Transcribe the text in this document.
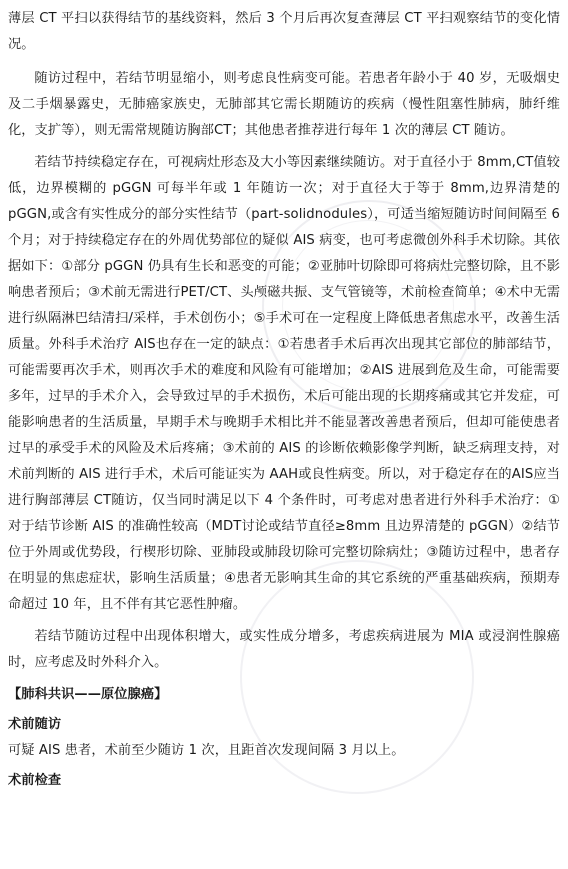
薄层 CT 平扫以获得结节的基线资料，然后 3 个月后再次复查薄层 CT 平扫观察结节的变化情况。

随访过程中，若结节明显缩小，则考虑良性病变可能。若患者年龄小于 40 岁，无吸烟史及二手烟暴露史，无肺癌家族史，无肺部其它需长期随访的疾病（慢性阻塞性肺病，肺纤维化，支扩等），则无需常规随访胸部CT；其他患者推荐进行每年 1 次的薄层 CT 随访。

若结节持续稳定存在，可视病灶形态及大小等因素继续随访。对于直径小于 8mm,CT值较低，边界模糊的 pGGN 可每半年或 1 年随访一次；对于直径大于等于 8mm,边界清楚的pGGN,或含有实性成分的部分实性结节（part-solidnodules），可适当缩短随访时间间隔至 6 个月；对于持续稳定存在的外周优势部位的疑似 AIS 病变，也可考虑微创外科手术切除。其依据如下：①部分 pGGN 仍具有生长和恶变的可能；②亚肺叶切除即可将病灶完整切除，且不影响患者预后；③术前无需进行PET/CT、头颅磁共振、支气管镜等，术前检查简单；④术中无需进行纵隔淋巴结清扫/采样，手术创伤小；⑤手术可在一定程度上降低患者焦虑水平，改善生活质量。外科手术治疗 AIS也存在一定的缺点：①若患者手术后再次出现其它部位的肺部结节，可能需要再次手术，则再次手术的难度和风险有可能增加；②AIS 进展到危及生命，可能需要多年，过早的手术介入，会导致过早的手术损伤，术后可能出现的长期疼痛或其它并发症，可能影响患者的生活质量，早期手术与晚期手术相比并不能显著改善患者预后，但却可能使患者过早的承受手术的风险及术后疼痛；③术前的 AIS 的诊断依赖影像学判断，缺乏病理支持，对术前判断的 AIS 进行手术，术后可能证实为 AAH或良性病变。所以，对于稳定存在的AIS应当进行胸部薄层 CT随访，仅当同时满足以下 4 个条件时，可考虑对患者进行外科手术治疗：①对于结节诊断 AIS 的准确性较高（MDT讨论或结节直径≥8mm 且边界清楚的 pGGN）②结节位于外周或优势段，行楔形切除、亚肺段或肺段切除可完整切除病灶；③随访过程中，患者存在明显的焦虑症状，影响生活质量；④患者无影响其生命的其它系统的严重基础疾病，预期寿命超过 10 年，且不伴有其它恶性肿瘤。

若结节随访过程中出现体积增大，或实性成分增多，考虑疾病进展为 MIA 或浸润性腺癌时，应考虑及时外科介入。

【肺科共识——原位腺癌】
术前随访

可疑 AIS 患者，术前至少随访 1 次，且距首次发现间隔 3 月以上。

术前检查
